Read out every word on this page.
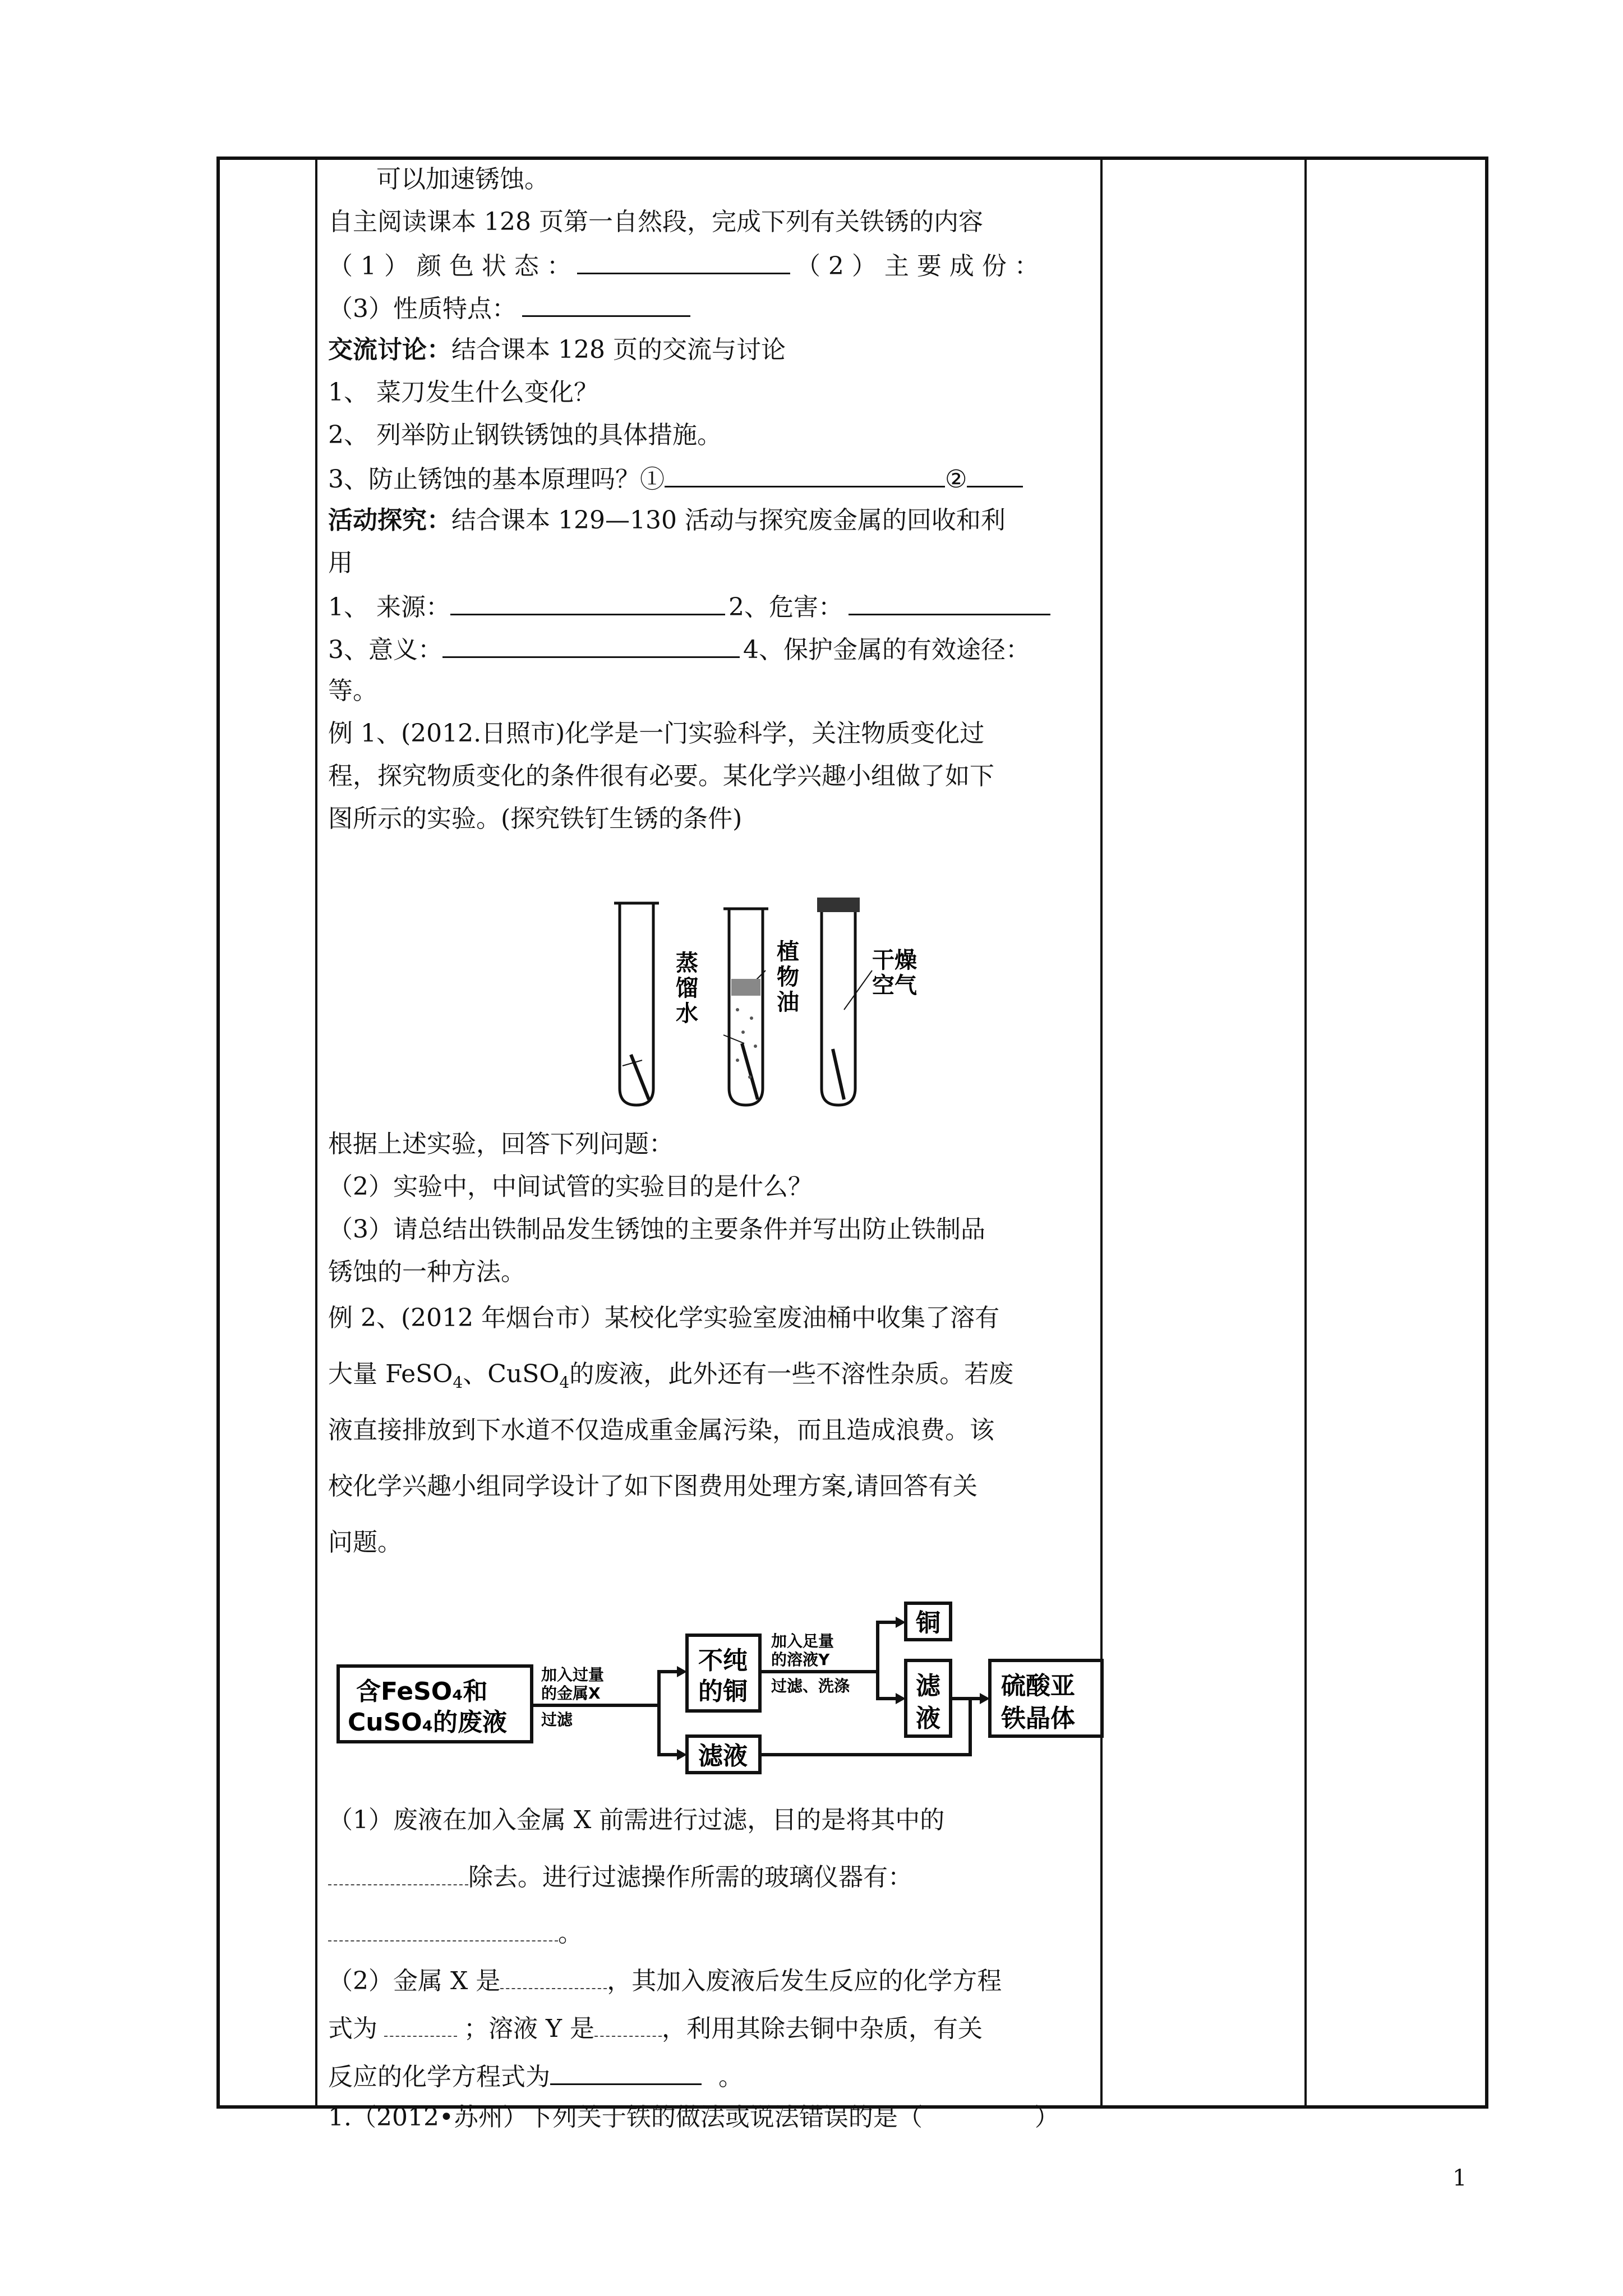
可以加速锈蚀。
自主阅读课本 128 页第一自然段，完成下列有关铁锈的内容
（ 1 ） 颜 色 状 态 ：	（ 2 ） 主 要 成 份 ：
（3）性质特点：
交流讨论：结合课本 128 页的交流与讨论
1、 菜刀发生什么变化？
2、 列举防止钢铁锈蚀的具体措施。
3、防止锈蚀的基本原理吗？①	②
活动探究：结合课本 129—130 活动与探究废金属的回收和利
用
1、 来源：	2、危害：
3、意义：	4、保护金属的有效途径：
等。
例 1、(2012.日照市)化学是一门实验科学，关注物质变化过
程，探究物质变化的条件很有必要。某化学兴趣小组做了如下
图所示的实验。(探究铁钉生锈的条件)
蒸
馏
水
植
物
油
干燥
空气
根据上述实验，回答下列问题：
（2）实验中，中间试管的实验目的是什么？
（3）请总结出铁制品发生锈蚀的主要条件并写出防止铁制品
锈蚀的一种方法。
例 2、(2012 年烟台市）某校化学实验室废油桶中收集了溶有
大量 FeSO$_4$、CuSO$_4$的废液，此外还有一些不溶性杂质。若废
液直接排放到下水道不仅造成重金属污染，而且造成浪费。该
校化学兴趣小组同学设计了如下图费用处理方案,请回答有关
问题。
含FeSO₄和
CuSO₄的废液
加入过量
的金属X
过滤
不纯
的铜
加入足量
的溶液Y
过滤、洗涤
铜
滤
液
滤液
硫酸亚
铁晶体
（1）废液在加入金属 X 前需进行过滤，目的是将其中的
除去。进行过滤操作所需的玻璃仪器有：
。
（2）金属 X 是	，其加入废液后发生反应的化学方程
式为	；溶液 Y 是	，利用其除去铜中杂质，有关
反应的化学方程式为	。
1.（2012•苏州）下列关于铁的做法或说法错误的是（	）
1
